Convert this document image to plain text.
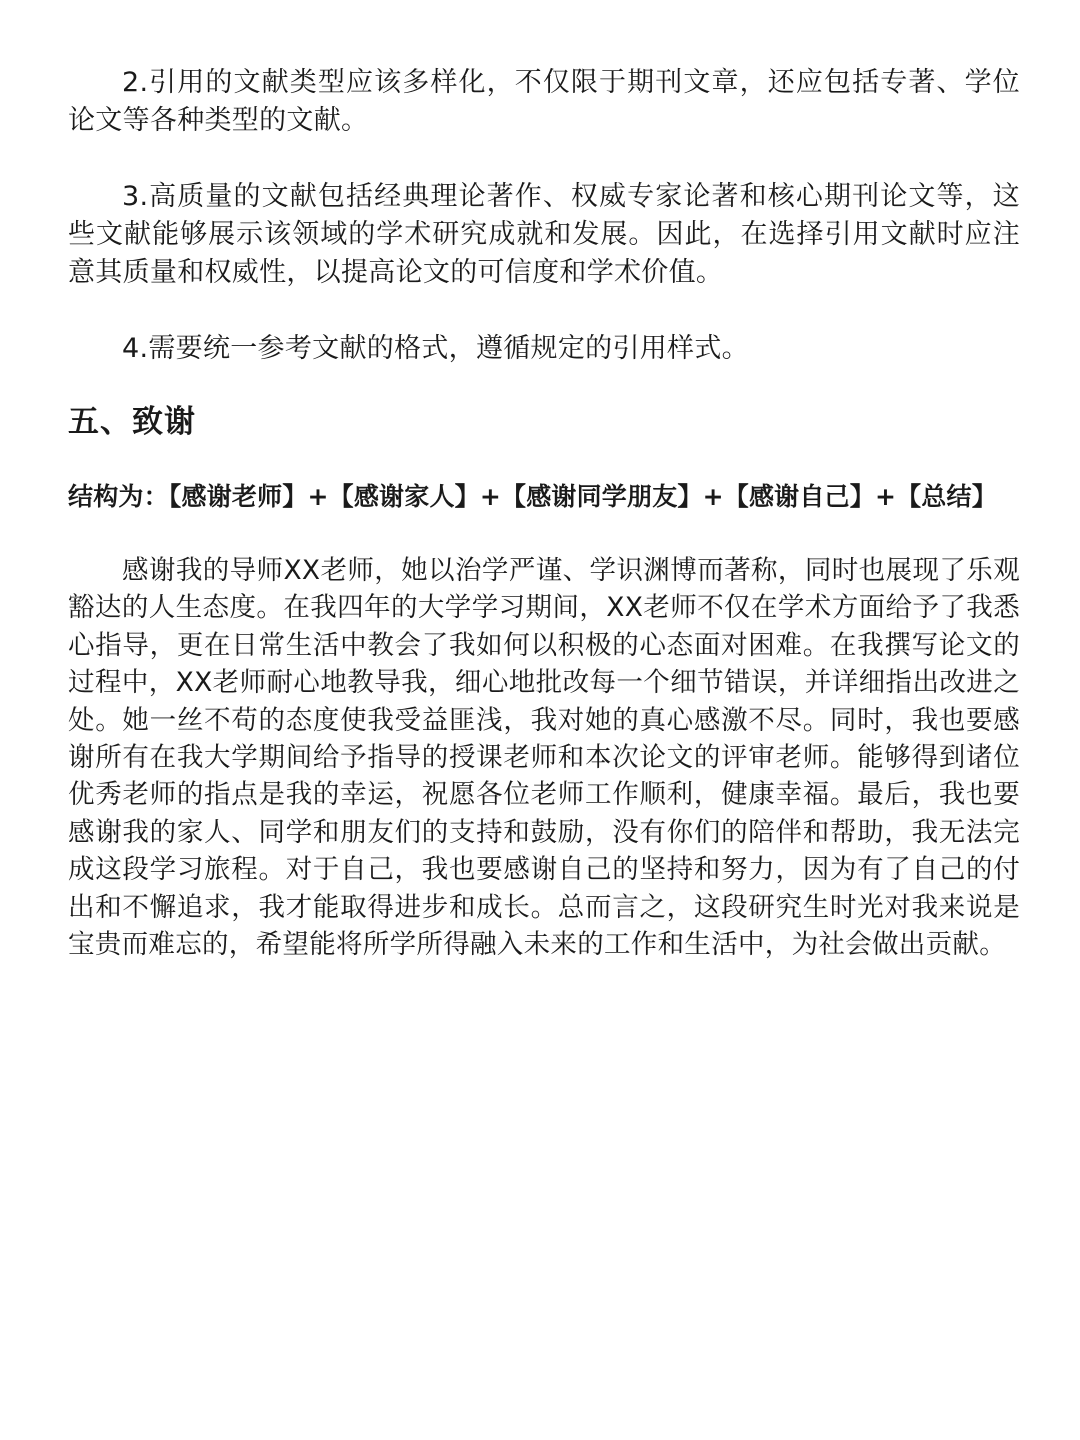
2.引用的文献类型应该多样化，不仅限于期刊文章，还应包括专著、学位论文等各种类型的文献。

3.高质量的文献包括经典理论著作、权威专家论著和核心期刊论文等，这些文献能够展示该领域的学术研究成就和发展。因此，在选择引用文献时应注意其质量和权威性，以提高论文的可信度和学术价值。

4.需要统一参考文献的格式，遵循规定的引用样式。

五、致谢

结构为：【感谢老师】+【感谢家人】+【感谢同学朋友】+【感谢自己】+【总结】

感谢我的导师XX老师，她以治学严谨、学识渊博而著称，同时也展现了乐观豁达的人生态度。在我四年的大学学习期间，XX老师不仅在学术方面给予了我悉心指导，更在日常生活中教会了我如何以积极的心态面对困难。在我撰写论文的过程中，XX老师耐心地教导我，细心地批改每一个细节错误，并详细指出改进之处。她一丝不苟的态度使我受益匪浅，我对她的真心感激不尽。同时，我也要感谢所有在我大学期间给予指导的授课老师和本次论文的评审老师。能够得到诸位优秀老师的指点是我的幸运，祝愿各位老师工作顺利，健康幸福。最后，我也要感谢我的家人、同学和朋友们的支持和鼓励，没有你们的陪伴和帮助，我无法完成这段学习旅程。对于自己，我也要感谢自己的坚持和努力，因为有了自己的付出和不懈追求，我才能取得进步和成长。总而言之，这段研究生时光对我来说是宝贵而难忘的，希望能将所学所得融入未来的工作和生活中，为社会做出贡献。
